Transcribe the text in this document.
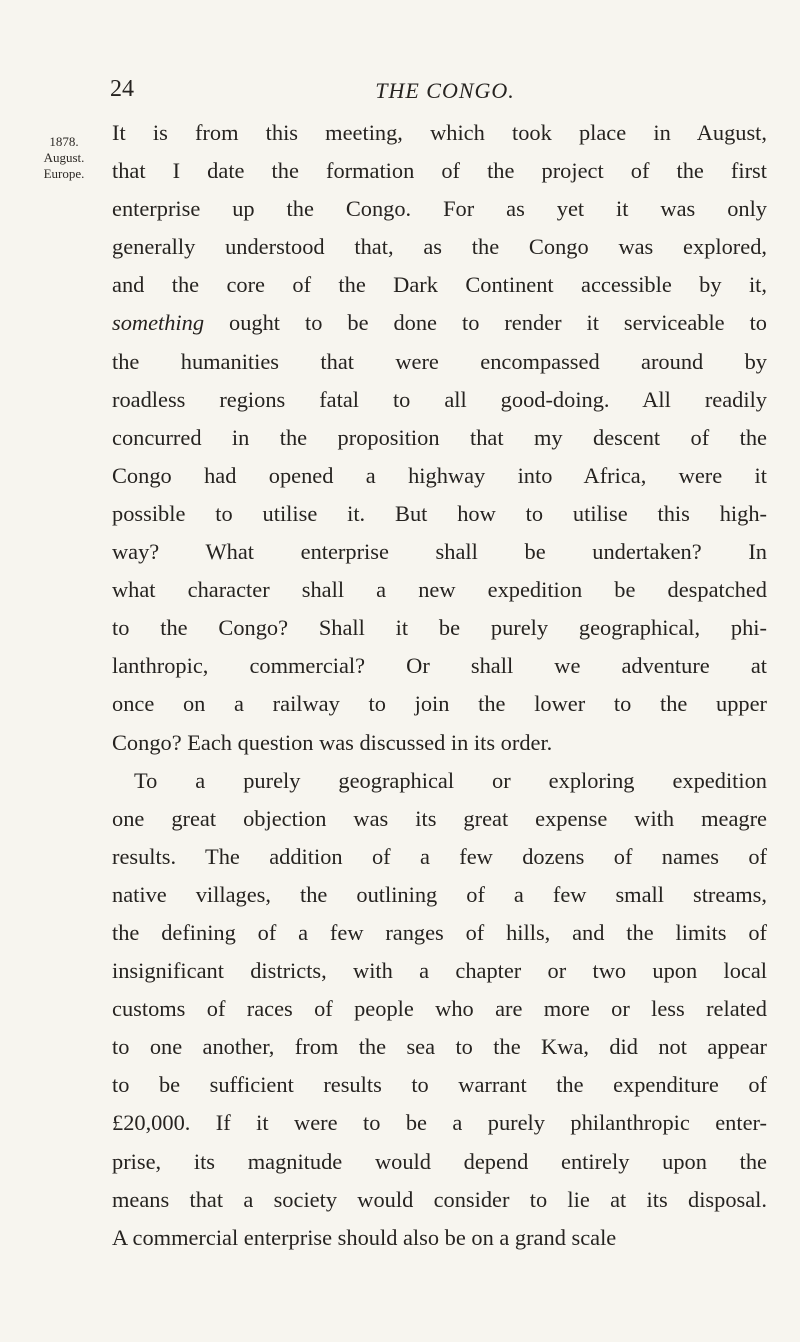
24	THE CONGO.
1878.
August.
Europe.
It is from this meeting, which took place in August,
that I date the formation of the project of the first
enterprise up the Congo. For as yet it was only
generally understood that, as the Congo was explored,
and the core of the Dark Continent accessible by it,
something ought to be done to render it serviceable to
the humanities that were encompassed around by
roadless regions fatal to all good-doing. All readily
concurred in the proposition that my descent of the
Congo had opened a highway into Africa, were it
possible to utilise it. But how to utilise this high-
way? What enterprise shall be undertaken? In
what character shall a new expedition be despatched
to the Congo? Shall it be purely geographical, phi-
lanthropic, commercial? Or shall we adventure at
once on a railway to join the lower to the upper
Congo? Each question was discussed in its order.
To a purely geographical or exploring expedition
one great objection was its great expense with meagre
results. The addition of a few dozens of names of
native villages, the outlining of a few small streams,
the defining of a few ranges of hills, and the limits of
insignificant districts, with a chapter or two upon local
customs of races of people who are more or less related
to one another, from the sea to the Kwa, did not appear
to be sufficient results to warrant the expenditure of
£20,000. If it were to be a purely philanthropic enter-
prise, its magnitude would depend entirely upon the
means that a society would consider to lie at its disposal.
A commercial enterprise should also be on a grand scale
